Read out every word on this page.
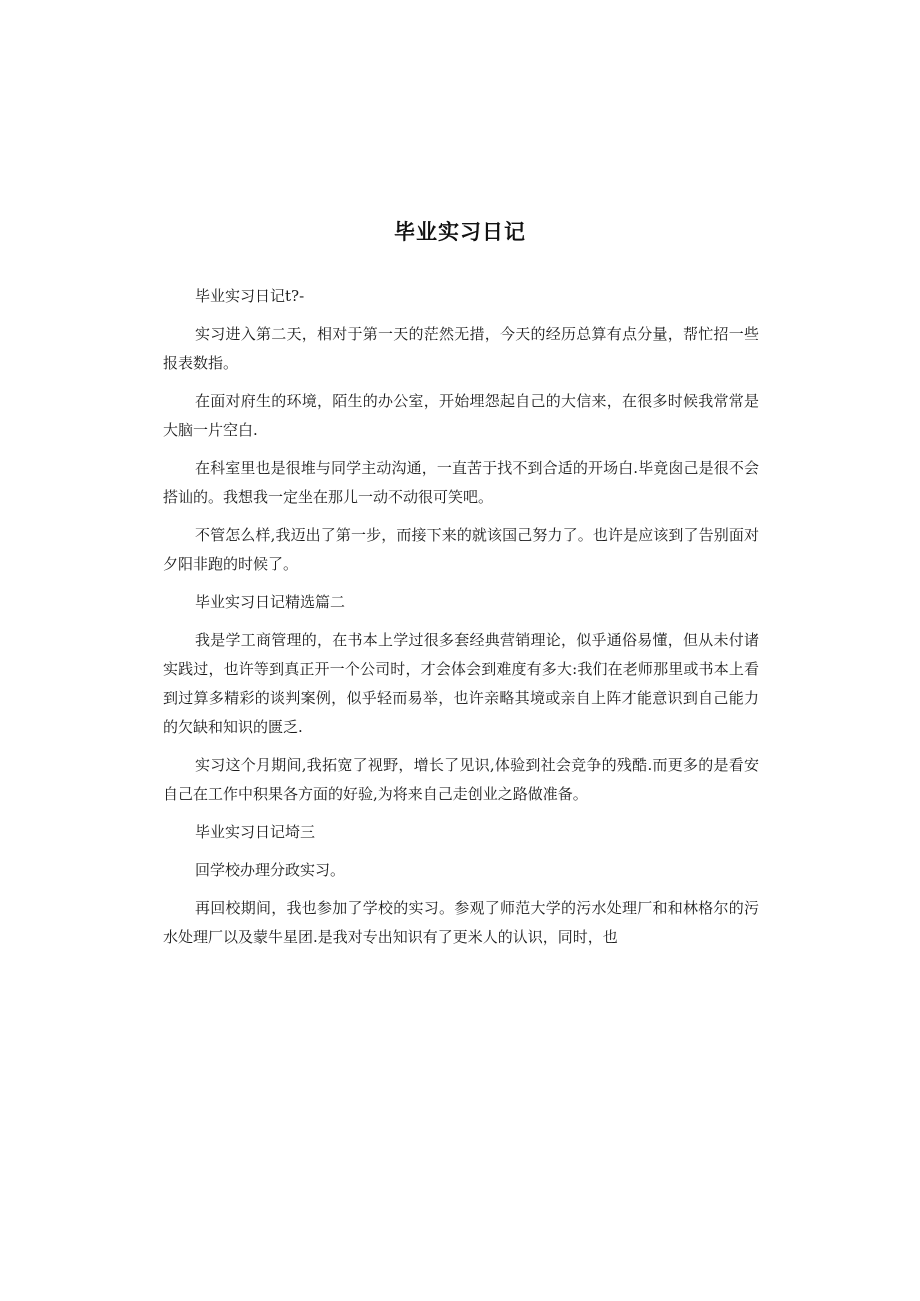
毕业实习日记

毕业实习日记t?-

实习进入第二天，相对于第一天的茫然无措，今天的经历总算有点分量，帮忙招一些报表数指。

在面对府生的环境，陌生的办公室，开始埋怨起自己的大信来，在很多时候我常常是大脑一片空白.

在科室里也是很堆与同学主动沟通，一直苦于找不到合适的开场白.毕竟囱己是很不会搭讪的。我想我一定坐在那儿一动不动很可笑吧。

不管怎么样,我迈出了第一步，而接下来的就该国己努力了。也许是应该到了告别面对夕阳非跑的时候了。

毕业实习日记精选篇二

我是学工商管理的，在书本上学过很多套经典营销理论，似乎通俗易懂，但从未付诸实践过，也许等到真正开一个公司时，才会体会到难度有多大:我们在老师那里或书本上看到过算多精彩的谈判案例，似乎轻而易举，也许亲略其境或亲自上阵才能意识到自己能力的欠缺和知识的匮乏.

实习这个月期间,我拓宽了视野，增长了见识,体验到社会竞争的残酷.而更多的是看安自己在工作中积果各方面的好验,为将来自己走创业之路做准备。

毕业实习日记埼三

回学校办理分政实习。

再回校期间，我也参加了学校的实习。参观了师范大学的污水处理厂和和林格尔的污水处理厂以及蒙牛星团.是我对专出知识有了更米人的认识，同时，也
